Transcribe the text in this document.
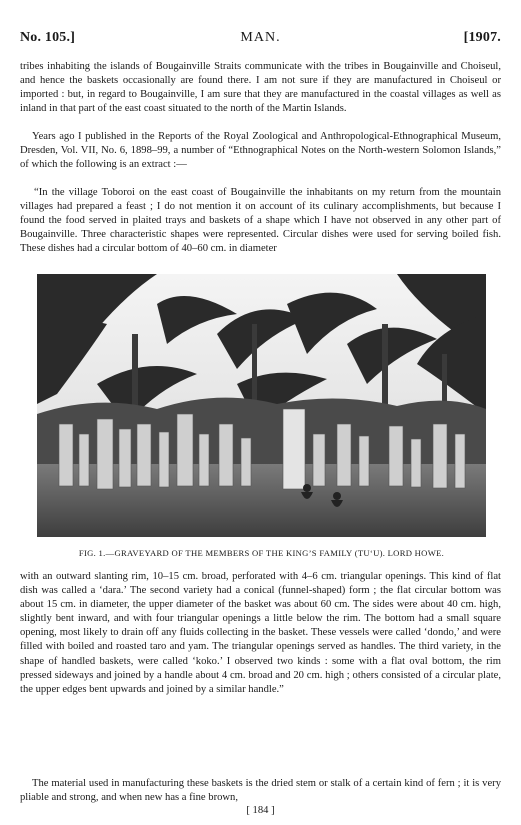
No. 105.]	MAN.	[1907.

tribes inhabiting the islands of Bougainville Straits communicate with the tribes in Bougainville and Choiseul, and hence the baskets occasionally are found there. I am not sure if they are manufactured in Choiseul or imported : but, in regard to Bougainville, I am sure that they are manufactured in the coastal villages as well as inland in that part of the east coast situated to the north of the Martin Islands.

Years ago I published in the Reports of the Royal Zoological and Anthropological-Ethnographical Museum, Dresden, Vol. VII, No. 6, 1898–99, a number of “Ethnographical Notes on the North-western Solomon Islands,” of which the following is an extract :—

“In the village Toboroi on the east coast of Bougainville the inhabitants on my return from the mountain villages had prepared a feast ; I do not mention it on account of its culinary accomplishments, but because I found the food served in plaited trays and baskets of a shape which I have not observed in any other part of Bougainville. Three characteristic shapes were represented. Circular dishes were used for serving boiled fish. These dishes had a circular bottom of 40–60 cm. in diameter

FIG. 1.—GRAVEYARD OF THE MEMBERS OF THE KING’S FAMILY (TU‘U). LORD HOWE.

with an outward slanting rim, 10–15 cm. broad, perforated with 4–6 cm. triangular openings. This kind of flat dish was called a ‘dara.’ The second variety had a conical (funnel-shaped) form ; the flat circular bottom was about 15 cm. in diameter, the upper diameter of the basket was about 60 cm. The sides were about 40 cm. high, slightly bent inward, and with four triangular openings a little below the rim. The bottom had a small square opening, most likely to drain off any fluids collecting in the basket. These vessels were called ‘dondo,’ and were filled with boiled and roasted taro and yam. The triangular openings served as handles. The third variety, in the shape of handled baskets, were called ‘koko.’ I observed two kinds : some with a flat oval bottom, the rim pressed sideways and joined by a handle about 4 cm. broad and 20 cm. high ; others consisted of a circular plate, the upper edges bent upwards and joined by a similar handle.”

The material used in manufacturing these baskets is the dried stem or stalk of a certain kind of fern ; it is very pliable and strong, and when new has a fine brown,

[ 184 ]
